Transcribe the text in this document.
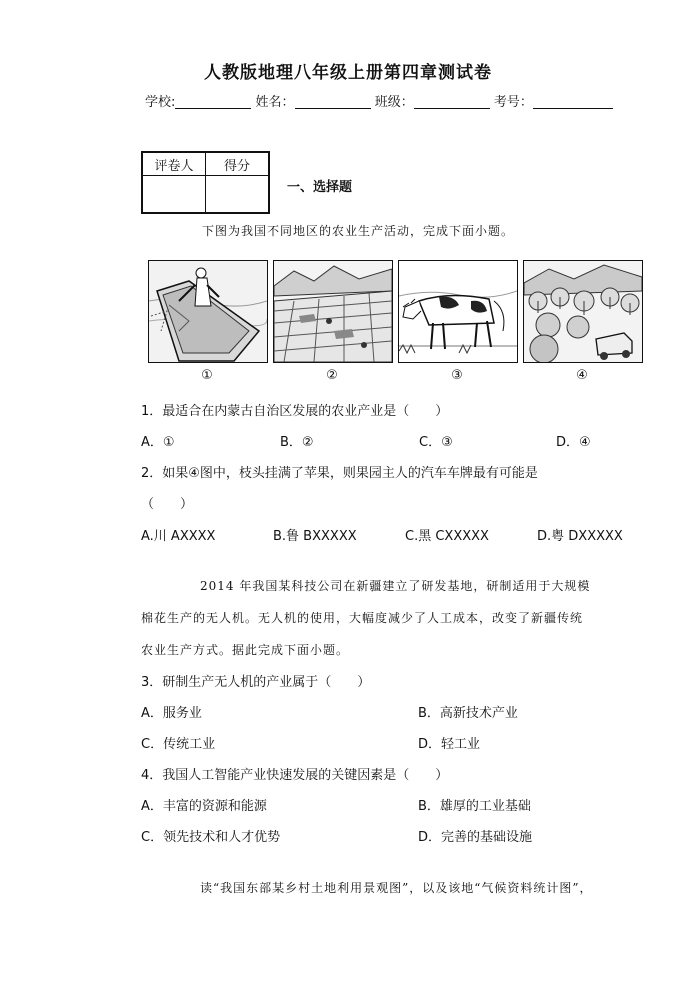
人教版地理八年级上册第四章测试卷
学校:	姓名：	班级：	考号：
评卷人	得分

一、选择题
下图为我国不同地区的农业生产活动，完成下面小题。
①	②	③	④
1．最适合在内蒙古自治区发展的农业产业是（　　）
A．①	B．②	C．③	D．④
2．如果④图中，枝头挂满了苹果，则果园主人的汽车车牌最有可能是
（　　）
A.川 AXXXX	B.鲁 BXXXXX	C.黑 CXXXXX	D.粤 DXXXXX
2014 年我国某科技公司在新疆建立了研发基地，研制适用于大规模
棉花生产的无人机。无人机的使用，大幅度减少了人工成本，改变了新疆传统
农业生产方式。据此完成下面小题。
3．研制生产无人机的产业属于（　　）
A．服务业	B．高新技术产业
C．传统工业	D．轻工业
4．我国人工智能产业快速发展的关键因素是（　　）
A．丰富的资源和能源	B．雄厚的工业基础
C．领先技术和人才优势	D．完善的基础设施
读“我国东部某乡村土地利用景观图”，以及该地“气候资料统计图”，
